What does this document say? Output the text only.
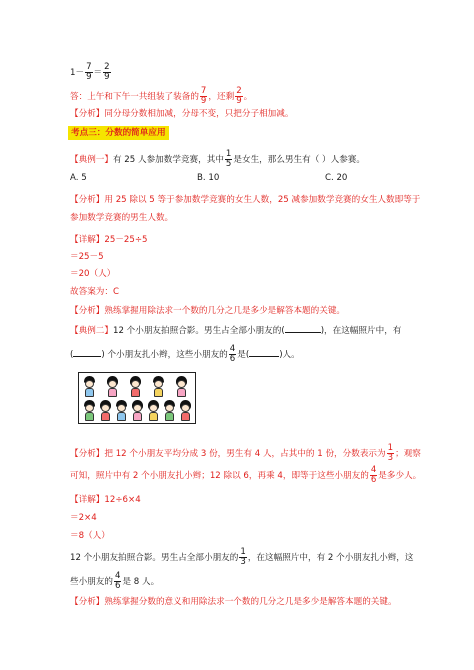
$1- \frac{7}{9} = \frac{2}{9}$
答：上午和下午一共组装了装备的 $\frac{7}{9}$ ，还剩 $\frac{2}{9}$ 。
【分析】同分母分数相加减，分母不变，只把分子相加减。
考点三：分数的简单应用
【典例一】有 25 人参加数学竞赛，其中 $\frac{1}{5}$ 是女生，那么男生有（ ）人参赛。
A. 5	B. 10	C. 20
【分析】用 25 除以 5 等于参加数学竞赛的女生人数，25 减参加数学竞赛的女生人数即等于
参加数学竞赛的男生人数。
【详解】25－25÷5
＝25－5
＝20（人）
故答案为：C
【分析】熟练掌握用除法求一个数的几分之几是多少是解答本题的关键。
【典例二】12 个小朋友拍照合影。男生占全部小朋友的(	)，在这幅照片中，有
(	) 个小朋友扎小辫，这些小朋友的 $\frac{4}{6}$ 是(	)人。
【分析】把 12 个小朋友平均分成 3 份，男生有 4 人，占其中的 1 份，分数表示为 $\frac{1}{3}$ ；观察
可知，照片中有 2 个小朋友扎小辫；12 除以 6，再乘 4，即等于这些小朋友的 $\frac{4}{6}$ 是多少人。
【详解】12÷6×4
＝2×4
＝8（人）
12 个小朋友拍照合影。男生占全部小朋友的 $\frac{1}{3}$ ，在这幅照片中，有 2 个小朋友扎小辫，这
些小朋友的 $\frac{4}{6}$ 是 8 人。
【分析】熟练掌握分数的意义和用除法求一个数的几分之几是多少是解答本题的关键。
